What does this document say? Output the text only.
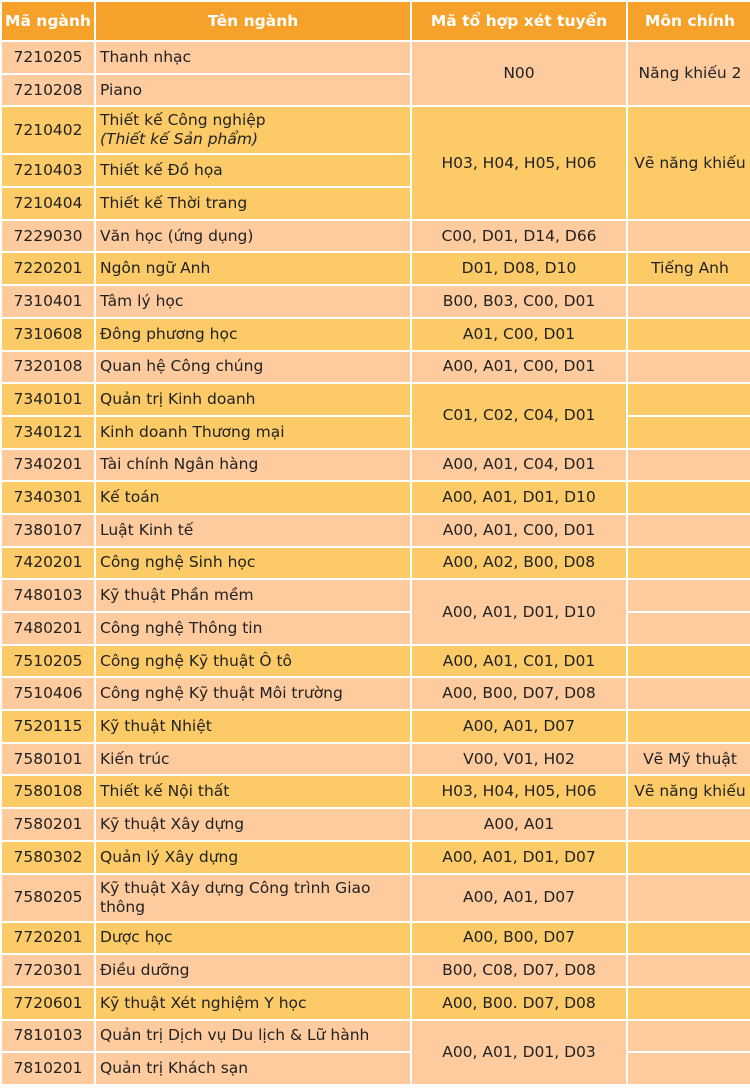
Mã ngành	Tên ngành	Mã tổ hợp xét tuyển	Môn chính
7210205	Thanh nhạc	N00	Năng khiếu 2
7210208	Piano		
7210402	Thiết kế Công nghiệp
(Thiết kế Sản phẩm)	H03, H04, H05, H06	Vẽ năng khiếu
7210403	Thiết kế Đồ họa		
7210404	Thiết kế Thời trang		
7229030	Văn học (ứng dụng)	C00, D01, D14, D66	
7220201	Ngôn ngữ Anh	D01, D08, D10	Tiếng Anh
7310401	Tâm lý học	B00, B03, C00, D01	
7310608	Đông phương học	A01, C00, D01	
7320108	Quan hệ Công chúng	A00, A01, C00, D01	
7340101	Quản trị Kinh doanh	C01, C02, C04, D01	
7340121	Kinh doanh Thương mại		
7340201	Tài chính Ngân hàng	A00, A01, C04, D01	
7340301	Kế toán	A00, A01, D01, D10	
7380107	Luật Kinh tế	A00, A01, C00, D01	
7420201	Công nghệ Sinh học	A00, A02, B00, D08	
7480103	Kỹ thuật Phần mềm	A00, A01, D01, D10	
7480201	Công nghệ Thông tin		
7510205	Công nghệ Kỹ thuật Ô tô	A00, A01, C01, D01	
7510406	Công nghệ Kỹ thuật Môi trường	A00, B00, D07, D08	
7520115	Kỹ thuật Nhiệt	A00, A01, D07	
7580101	Kiến trúc	V00, V01, H02	Vẽ Mỹ thuật
7580108	Thiết kế Nội thất	H03, H04, H05, H06	Vẽ năng khiếu
7580201	Kỹ thuật Xây dựng	A00, A01	
7580302	Quản lý Xây dựng	A00, A01, D01, D07	
7580205	Kỹ thuật Xây dựng Công trình Giao thông	A00, A01, D07	
7720201	Dược học	A00, B00, D07	
7720301	Điều dưỡng	B00, C08, D07, D08	
7720601	Kỹ thuật Xét nghiệm Y học	A00, B00. D07, D08	
7810103	Quản trị Dịch vụ Du lịch & Lữ hành	A00, A01, D01, D03	
7810201	Quản trị Khách sạn		
